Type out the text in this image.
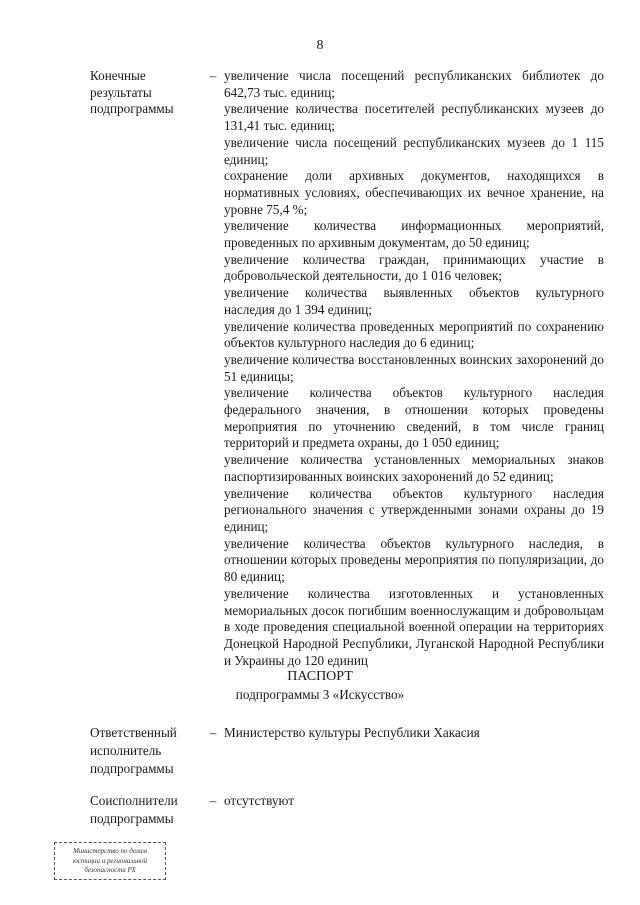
8
Конечные результаты подпрограммы
– увеличение числа посещений республиканских библиотек до 642,73 тыс. единиц;
увеличение количества посетителей республиканских музеев до 131,41 тыс. единиц;
увеличение числа посещений республиканских музеев до 1 115 единиц;
сохранение доли архивных документов, находящихся в нормативных условиях, обеспечивающих их вечное хранение, на уровне 75,4 %;
увеличение количества информационных мероприятий, проведенных по архивным документам, до 50 единиц;
увеличение количества граждан, принимающих участие в добровольческой деятельности, до 1 016 человек;
увеличение количества выявленных объектов культурного наследия до 1 394 единиц;
увеличение количества проведенных мероприятий по сохранению объектов культурного наследия до 6 единиц;
увеличение количества восстановленных воинских захоронений до 51 единицы;
увеличение количества объектов культурного наследия федерального значения, в отношении которых проведены мероприятия по уточнению сведений, в том числе границ территорий и предмета охраны, до 1 050 единиц;
увеличение количества установленных мемориальных знаков паспортизированных воинских захоронений до 52 единиц;
увеличение количества объектов культурного наследия регионального значения с утвержденными зонами охраны до 19 единиц;
увеличение количества объектов культурного наследия, в отношении которых проведены мероприятия по популяризации, до 80 единиц;
увеличение количества изготовленных и установленных мемориальных досок погибшим военнослужащим и добровольцам в ходе проведения специальной военной операции на территориях Донецкой Народной Республики, Луганской Народной Республики и Украины до 120 единиц
ПАСПОРТ
подпрограммы 3 «Искусство»
Ответственный исполнитель подпрограммы
– Министерство культуры Республики Хакасия
Соисполнители подпрограммы
– отсутствуют
Министерство по делам
юстиции и региональной
безопасности РХ
